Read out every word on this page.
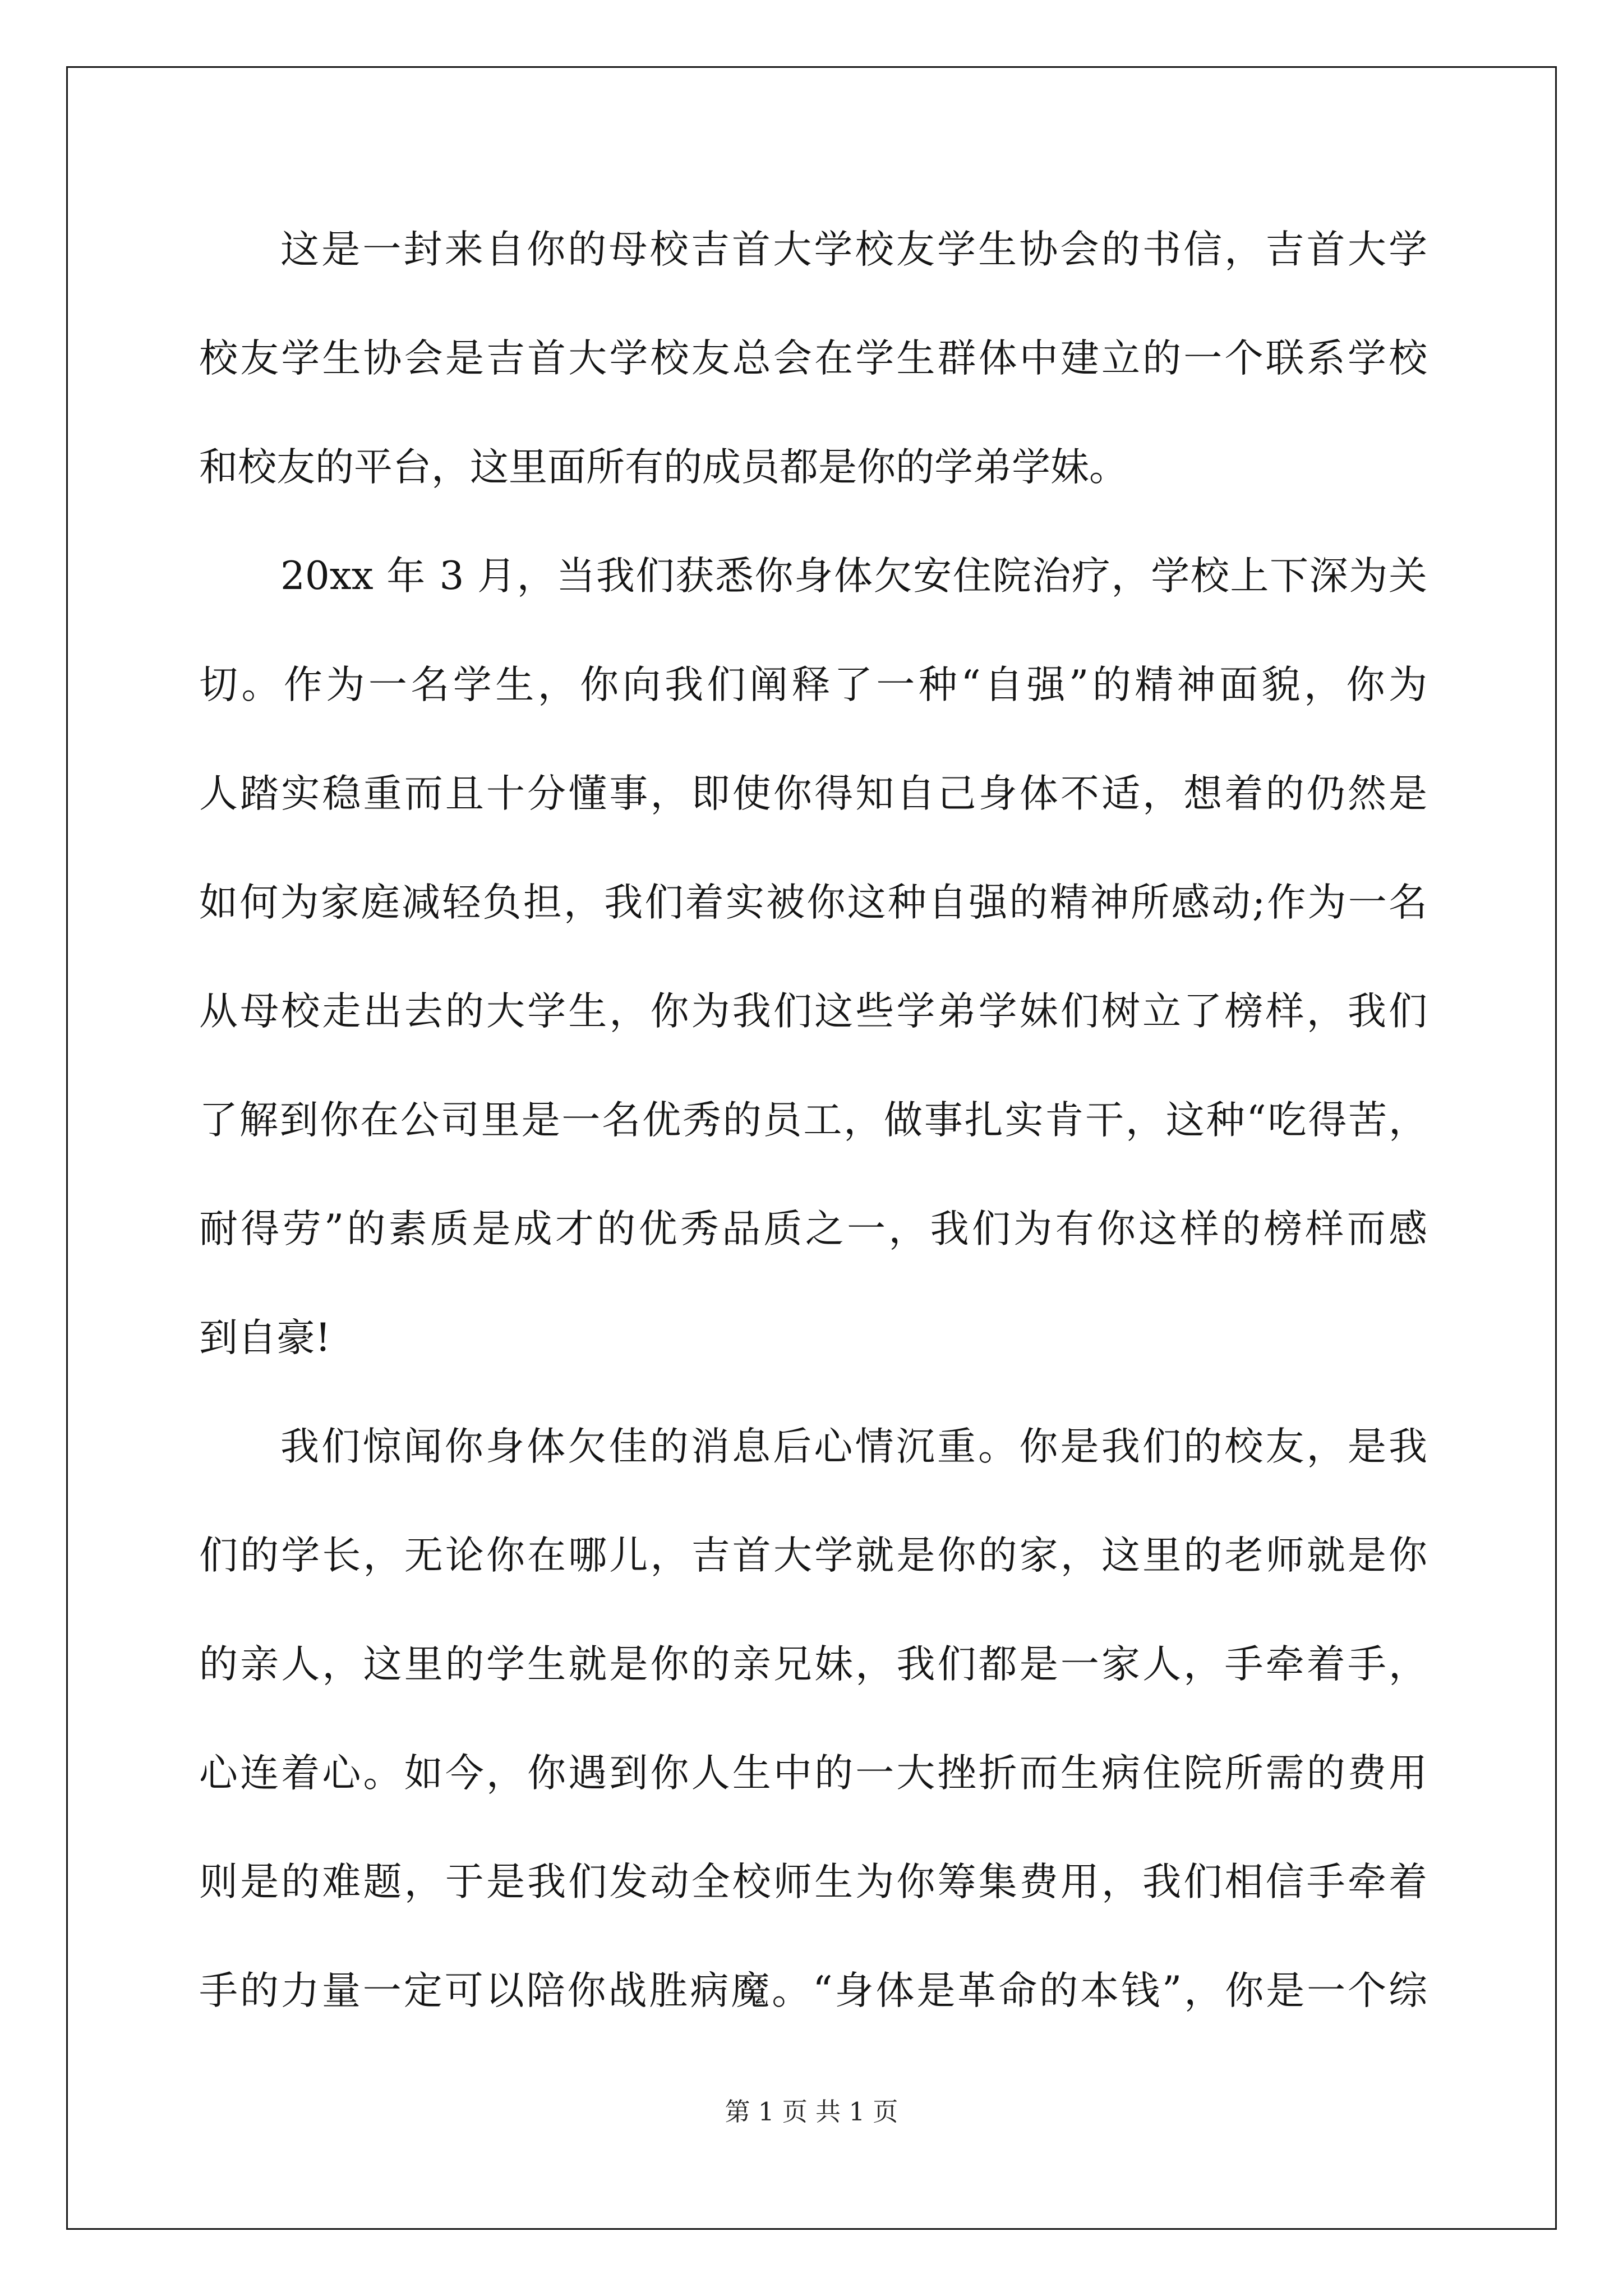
这是一封来自你的母校吉首大学校友学生协会的书信，吉首大学
校友学生协会是吉首大学校友总会在学生群体中建立的一个联系学校
和校友的平台，这里面所有的成员都是你的学弟学妹。
20xx 年 3 月，当我们获悉你身体欠安住院治疗，学校上下深为关
切。作为一名学生，你向我们阐释了一种“自强”的精神面貌，你为
人踏实稳重而且十分懂事，即使你得知自己身体不适，想着的仍然是
如何为家庭减轻负担，我们着实被你这种自强的精神所感动;作为一名
从母校走出去的大学生，你为我们这些学弟学妹们树立了榜样，我们
了解到你在公司里是一名优秀的员工，做事扎实肯干，这种“吃得苦，
耐得劳”的素质是成才的优秀品质之一，我们为有你这样的榜样而感
到自豪!
我们惊闻你身体欠佳的消息后心情沉重。你是我们的校友，是我
们的学长，无论你在哪儿，吉首大学就是你的家，这里的老师就是你
的亲人，这里的学生就是你的亲兄妹，我们都是一家人，手牵着手，
心连着心。如今，你遇到你人生中的一大挫折而生病住院所需的费用
则是的难题，于是我们发动全校师生为你筹集费用，我们相信手牵着
手的力量一定可以陪你战胜病魔。“身体是革命的本钱”，你是一个综
第 1 页 共 1 页
